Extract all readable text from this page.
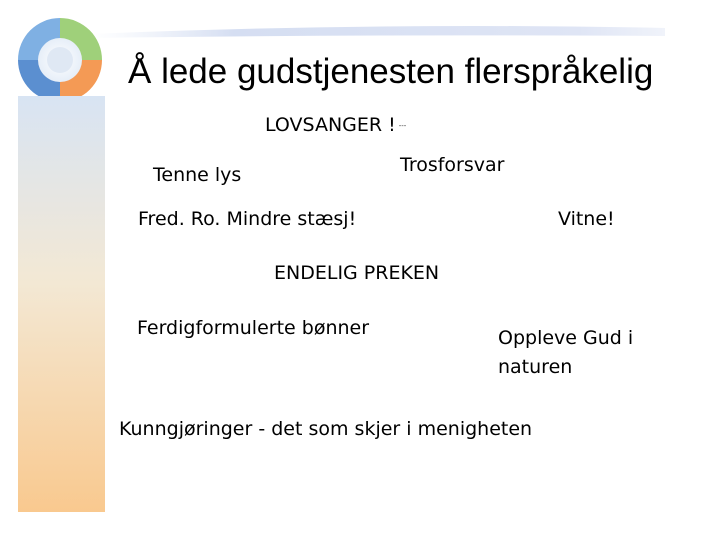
Å lede gudstjenesten flerspråkelig

LOVSANGER ! ---

Trosforsvar

Tenne lys

Fred. Ro. Mindre stæsj!	Vitne!

ENDELIG PREKEN

Ferdigformulerte bønner	Oppleve Gud i
naturen

Kunngjøringer - det som skjer i menigheten
